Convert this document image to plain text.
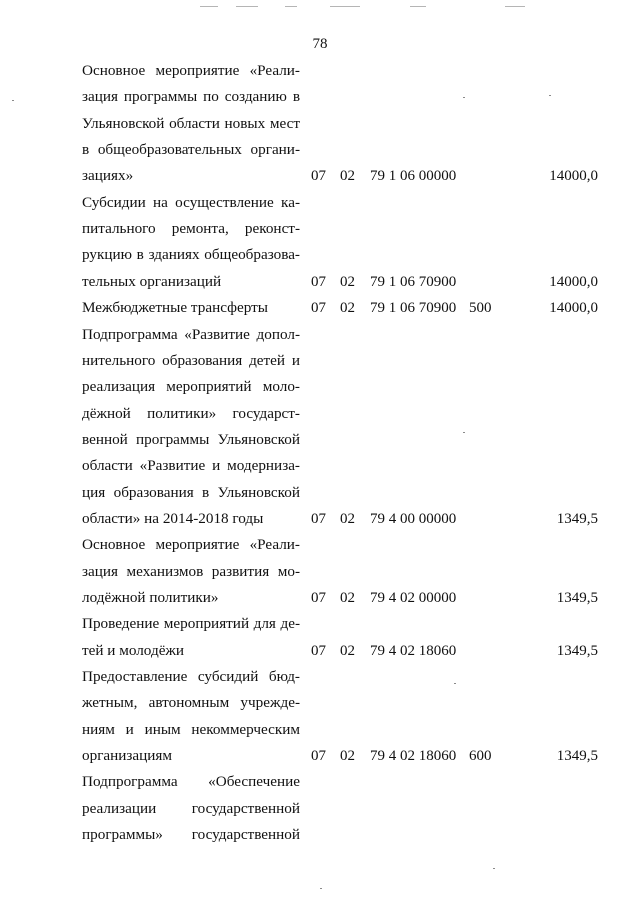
78
Основное мероприятие «Реали-
зация программы по созданию в
Ульяновской области новых мест
в общеобразовательных органи-
зациях»	07 02 79 1 06 00000	14000,0
Субсидии на осуществление ка-
питального ремонта, реконст-
рукцию в зданиях общеобразова-
тельных организаций	07 02 79 1 06 70900	14000,0
Межбюджетные трансферты	07 02 79 1 06 70900 500	14000,0
Подпрограмма «Развитие допол-
нительного образования детей и
реализация мероприятий моло-
дёжной политики» государст-
венной программы Ульяновской
области «Развитие и модерниза-
ция образования в Ульяновской
области» на 2014-2018 годы	07 02 79 4 00 00000	1349,5
Основное мероприятие «Реали-
зация механизмов развития мо-
лодёжной политики»	07 02 79 4 02 00000	1349,5
Проведение мероприятий для де-
тей и молодёжи	07 02 79 4 02 18060	1349,5
Предоставление субсидий бюд-
жетным, автономным учрежде-
ниям и иным некоммерческим
организациям	07 02 79 4 02 18060 600	1349,5
Подпрограмма «Обеспечение
реализации государственной
программы» государственной
